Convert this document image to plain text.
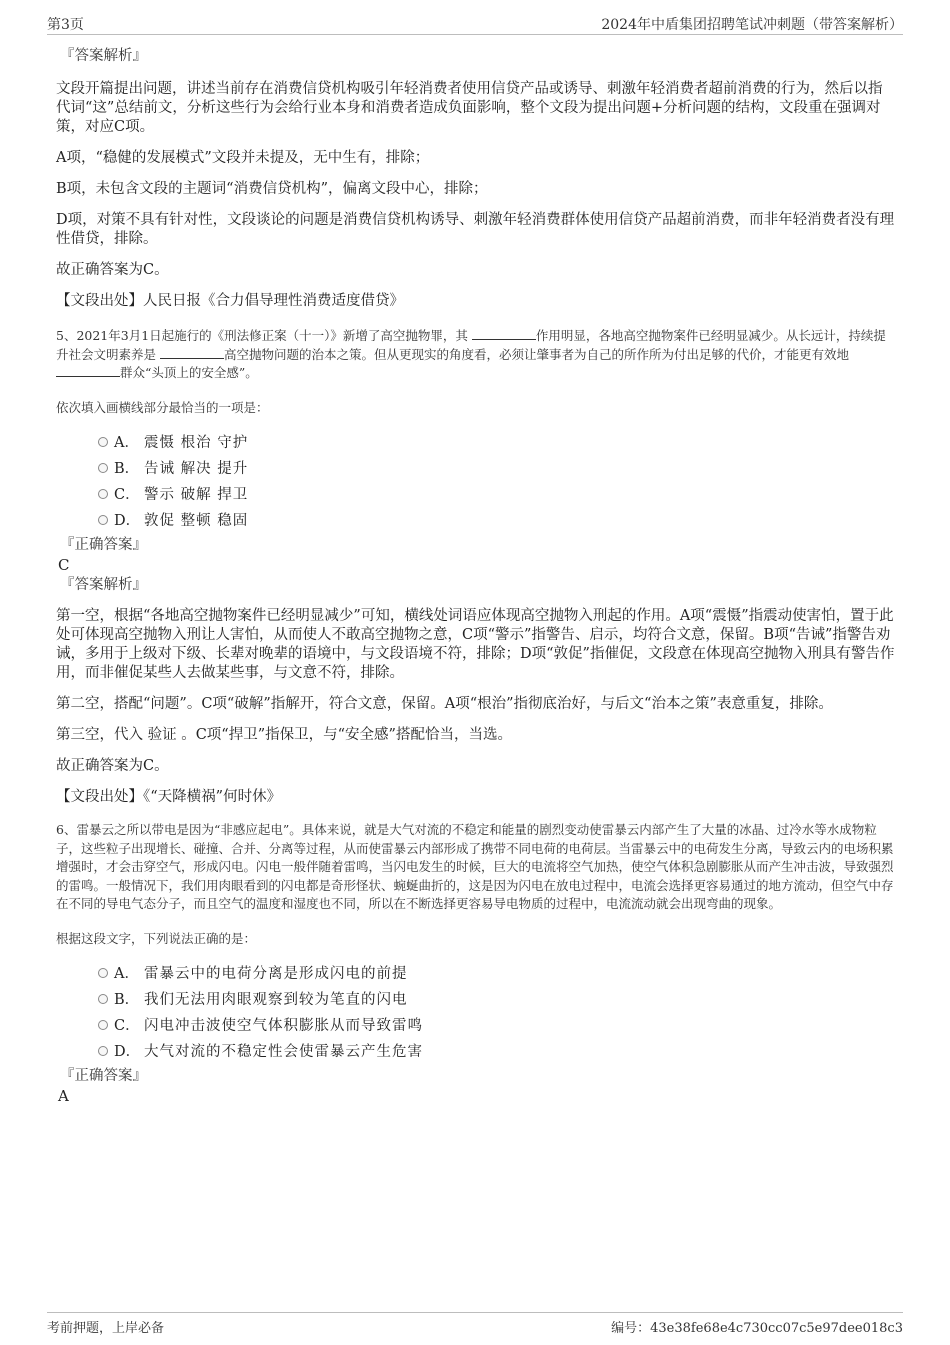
第3页	2024年中盾集团招聘笔试冲刺题（带答案解析）
『答案解析』

文段开篇提出问题，讲述当前存在消费信贷机构吸引年轻消费者使用信贷产品或诱导、刺激年轻消费者超前消费的行为，然后以指代词“这”总结前文，分析这些行为会给行业本身和消费者造成负面影响，整个文段为提出问题+分析问题的结构，文段重在强调对策，对应C项。

A项，“稳健的发展模式”文段并未提及，无中生有，排除；

B项，未包含文段的主题词“消费信贷机构”，偏离文段中心，排除；

D项，对策不具有针对性，文段谈论的问题是消费信贷机构诱导、刺激年轻消费群体使用信贷产品超前消费，而非年轻消费者没有理性借贷，排除。

故正确答案为C。

【文段出处】人民日报《合力倡导理性消费适度借贷》

5、2021年3月1日起施行的《刑法修正案（十一）》新增了高空抛物罪，其	作用明显，各地高空抛物案件已经明显减少。从长远计，持续提升社会文明素养是	高空抛物问题的治本之策。但从更现实的角度看，必须让肇事者为自己的所作所为付出足够的代价，才能更有效地 群众“头顶上的安全感”。

依次填入画横线部分最恰当的一项是：

A． 震慑 根治 守护
B． 告诫 解决 提升
C． 警示 破解 捍卫
D． 敦促 整顿 稳固
『正确答案』
C
『答案解析』

第一空，根据“各地高空抛物案件已经明显减少”可知，横线处词语应体现高空抛物入刑起的作用。A项“震慑”指震动使害怕，置于此处可体现高空抛物入刑让人害怕，从而使人不敢高空抛物之意，C项“警示”指警告、启示，均符合文意，保留。B项“告诫”指警告劝诫，多用于上级对下级、长辈对晚辈的语境中，与文段语境不符，排除；D项“敦促”指催促，文段意在体现高空抛物入刑具有警告作用，而非催促某些人去做某些事，与文意不符，排除。

第二空，搭配“问题”。C项“破解”指解开，符合文意，保留。A项“根治”指彻底治好，与后文“治本之策”表意重复，排除。

第三空，代入 验证 。C项“捍卫”指保卫，与“安全感”搭配恰当，当选。

故正确答案为C。

【文段出处】《“天降横祸”何时休》

6、雷暴云之所以带电是因为“非感应起电”。具体来说，就是大气对流的不稳定和能量的剧烈变动使雷暴云内部产生了大量的冰晶、过冷水等水成物粒子，这些粒子出现增长、碰撞、合并、分离等过程，从而使雷暴云内部形成了携带不同电荷的电荷层。当雷暴云中的电荷发生分离，导致云内的电场积累增强时，才会击穿空气，形成闪电。闪电一般伴随着雷鸣，当闪电发生的时候，巨大的电流将空气加热，使空气体积急剧膨胀从而产生冲击波，导致强烈的雷鸣。一般情况下，我们用肉眼看到的闪电都是奇形怪状、蜿蜒曲折的，这是因为闪电在放电过程中，电流会选择更容易通过的地方流动，但空气中存在不同的导电气态分子，而且空气的温度和湿度也不同，所以在不断选择更容易导电物质的过程中，电流流动就会出现弯曲的现象。

根据这段文字，下列说法正确的是：

A． 雷暴云中的电荷分离是形成闪电的前提
B． 我们无法用肉眼观察到较为笔直的闪电
C． 闪电冲击波使空气体积膨胀从而导致雷鸣
D． 大气对流的不稳定性会使雷暴云产生危害
『正确答案』
A
考前押题，上岸必备	编号：43e38fe68e4c730cc07c5e97dee018c3
